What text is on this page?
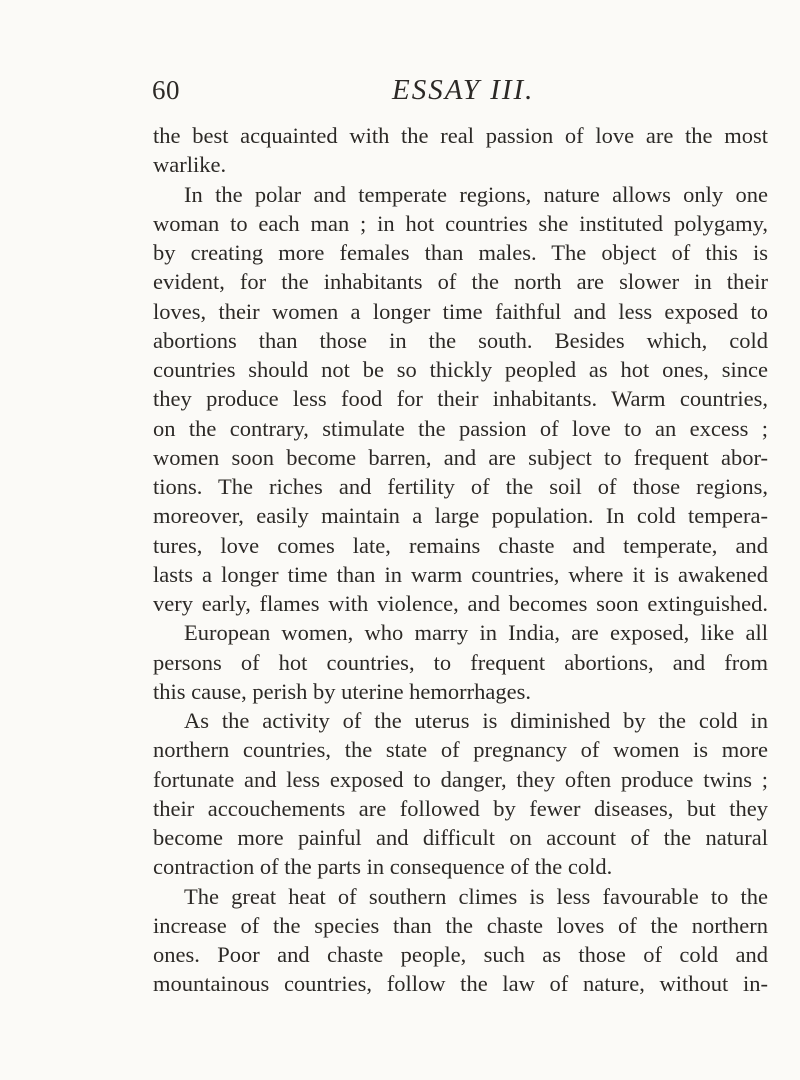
60	ESSAY III.
the best acquainted with the real passion of love are the most
warlike.
In the polar and temperate regions, nature allows only one
woman to each man ; in hot countries she instituted polygamy,
by creating more females than males. The object of this is
evident, for the inhabitants of the north are slower in their
loves, their women a longer time faithful and less exposed to
abortions than those in the south. Besides which, cold
countries should not be so thickly peopled as hot ones, since
they produce less food for their inhabitants. Warm countries,
on the contrary, stimulate the passion of love to an excess ;
women soon become barren, and are subject to frequent abor-
tions. The riches and fertility of the soil of those regions,
moreover, easily maintain a large population. In cold tempera-
tures, love comes late, remains chaste and temperate, and
lasts a longer time than in warm countries, where it is awakened
very early, flames with violence, and becomes soon extinguished.
European women, who marry in India, are exposed, like all
persons of hot countries, to frequent abortions, and from
this cause, perish by uterine hemorrhages.
As the activity of the uterus is diminished by the cold in
northern countries, the state of pregnancy of women is more
fortunate and less exposed to danger, they often produce twins ;
their accouchements are followed by fewer diseases, but they
become more painful and difficult on account of the natural
contraction of the parts in consequence of the cold.
The great heat of southern climes is less favourable to the
increase of the species than the chaste loves of the northern
ones. Poor and chaste people, such as those of cold and
mountainous countries, follow the law of nature, without in-
